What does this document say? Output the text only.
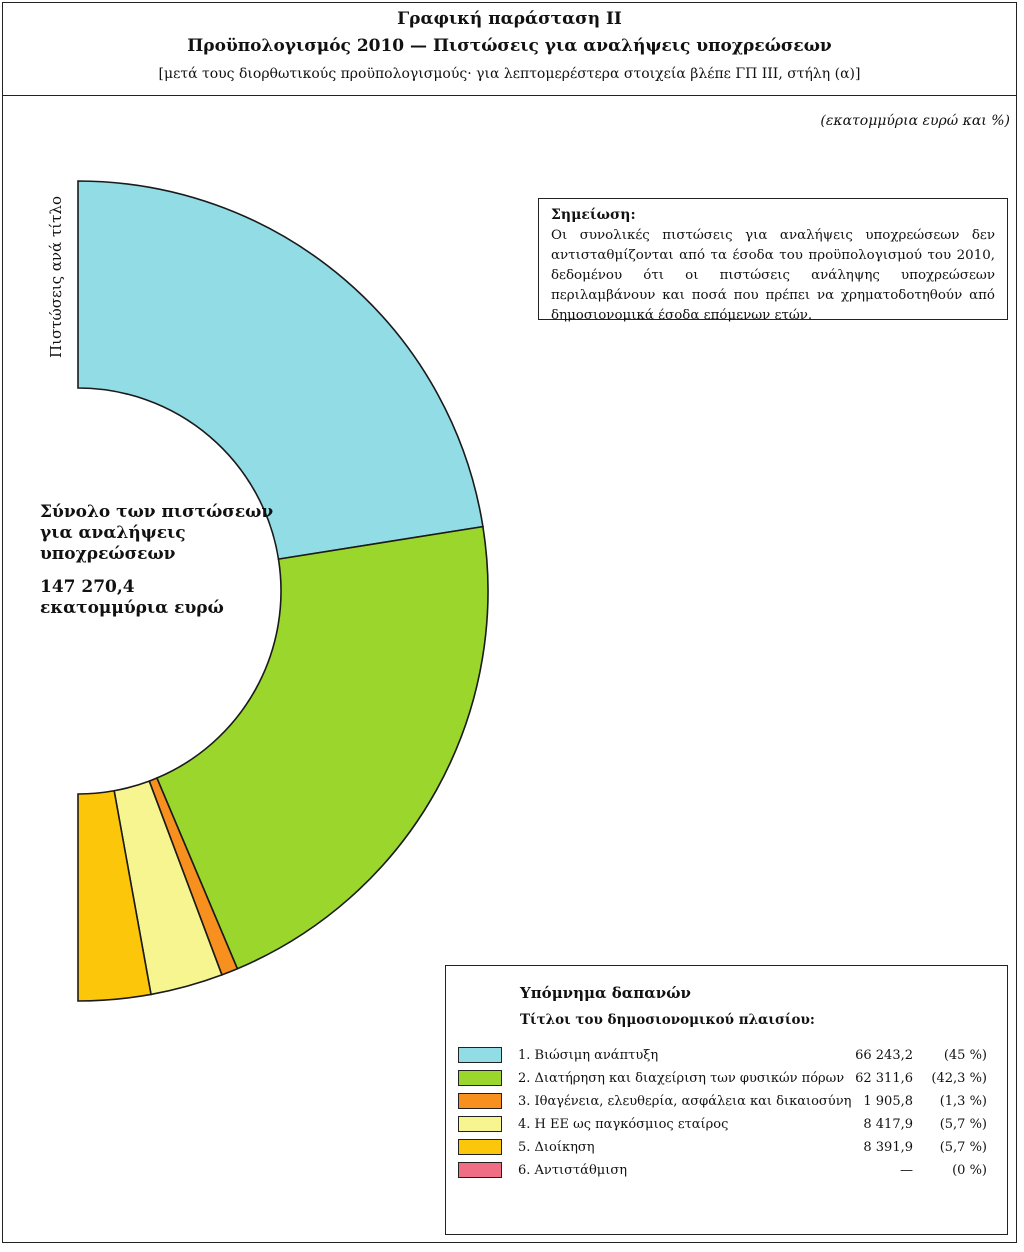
Γραφική παράσταση ΙΙ
Προϋπολογισμός 2010 — Πιστώσεις για αναλήψεις υποχρεώσεων
[μετά τους διορθωτικούς προϋπολογισμούς· για λεπτομερέστερα στοιχεία βλέπε ΓΠ ΙΙΙ, στήλη (α)]
(εκατομμύρια ευρώ και %)
Πιστώσεις ανά τίτλο
Σύνολο των πιστώσεων για αναλήψεις υποχρεώσεων
147 270,4
εκατομμύρια ευρώ
Σημείωση:
Οι συνολικές πιστώσεις για αναλήψεις υποχρεώσεων δεν αντισταθμίζονται από τα έσοδα του προϋπολογισμού του 2010, δεδομένου ότι οι πιστώσεις ανάληψης υποχρεώσεων περιλαμβάνουν και ποσά που πρέπει να χρηματοδοτηθούν από δημοσιονομικά έσοδα επόμενων ετών.
Υπόμνημα δαπανών
Τίτλοι του δημοσιονομικού πλαισίου:
1. Βιώσιμη ανάπτυξη	66 243,2	(45 %)
2. Διατήρηση και διαχείριση των φυσικών πόρων 62 311,6 (42,3 %)
3. Ιθαγένεια, ελευθερία, ασφάλεια και δικαιοσύνη 1 905,8	(1,3 %)
4. Η ΕΕ ως παγκόσμιος εταίρος	8 417,9	(5,7 %)
5. Διοίκηση	8 391,9	(5,7 %)
6. Αντιστάθμιση	—	(0 %)
